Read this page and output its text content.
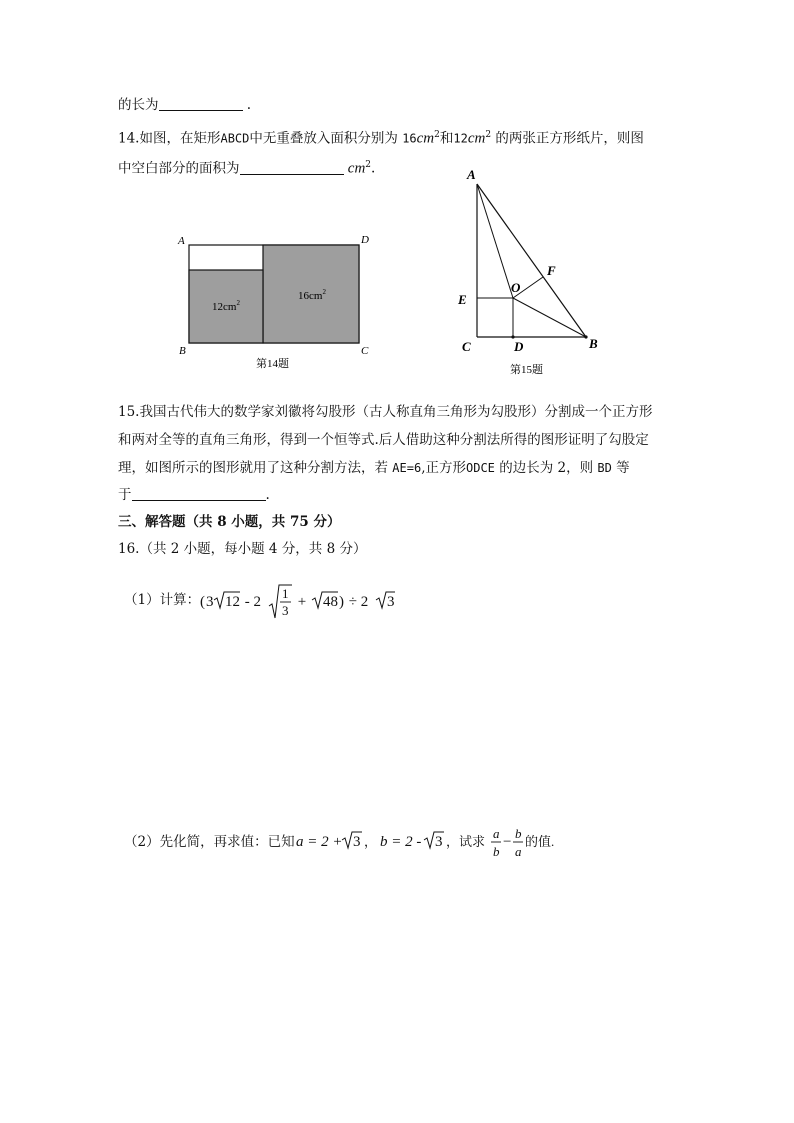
的长为	.
14.如图，在矩形ABCD中无重叠放入面积分别为 $16cm^2$和$12cm^2$ 的两张正方形纸片，则图
中空白部分的面积为	$cm^2$.
A	D
B	C
$12cm^2$
$16cm^2$
第14题
A
F
O
E
C	D	B
第15题
15.我国古代伟大的数学家刘徽将勾股形（古人称直角三角形为勾股形）分割成一个正方形
和两对全等的直角三角形，得到一个恒等式.后人借助这种分割法所得的图形证明了勾股定
理，如图所示的图形就用了这种分割方法，若 AE=6,正方形ODCE 的边长为 2，则 BD 等
于	.
三、解答题（共 8 小题，共 75 分）
16.（共 2 小题，每小题 4 分，共 8 分）
（1）计算： ( 3 12 - 2
1
3
+ 48 ) ÷ 2 3
（2）先化简，再求值：已知 a = 2 + 3 ， b = 2 - 3 ，试求
a
b
−
b
a
的值.
